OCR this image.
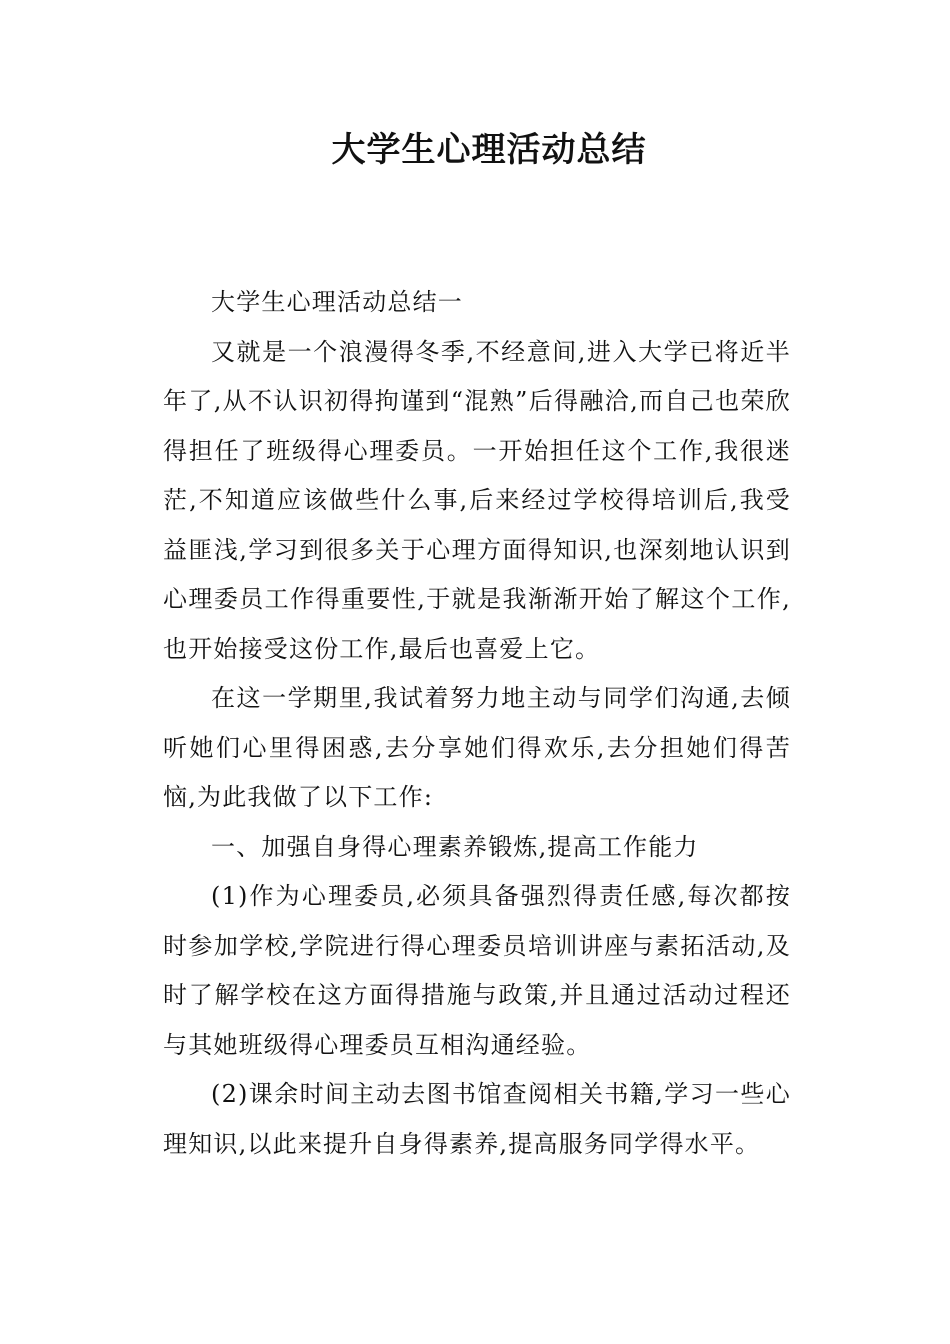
大学生心理活动总结

大学生心理活动总结一

又就是一个浪漫得冬季,不经意间,进入大学已将近半年了,从不认识初得拘谨到“混熟”后得融洽,而自己也荣欣得担任了班级得心理委员。一开始担任这个工作,我很迷茫,不知道应该做些什么事,后来经过学校得培训后,我受益匪浅,学习到很多关于心理方面得知识,也深刻地认识到心理委员工作得重要性,于就是我渐渐开始了解这个工作,也开始接受这份工作,最后也喜爱上它。

在这一学期里,我试着努力地主动与同学们沟通,去倾听她们心里得困惑,去分享她们得欢乐,去分担她们得苦恼,为此我做了以下工作:

一、加强自身得心理素养锻炼,提高工作能力

(1)作为心理委员,必须具备强烈得责任感,每次都按时参加学校,学院进行得心理委员培训讲座与素拓活动,及时了解学校在这方面得措施与政策,并且通过活动过程还与其她班级得心理委员互相沟通经验。

(2)课余时间主动去图书馆查阅相关书籍,学习一些心理知识,以此来提升自身得素养,提高服务同学得水平。
